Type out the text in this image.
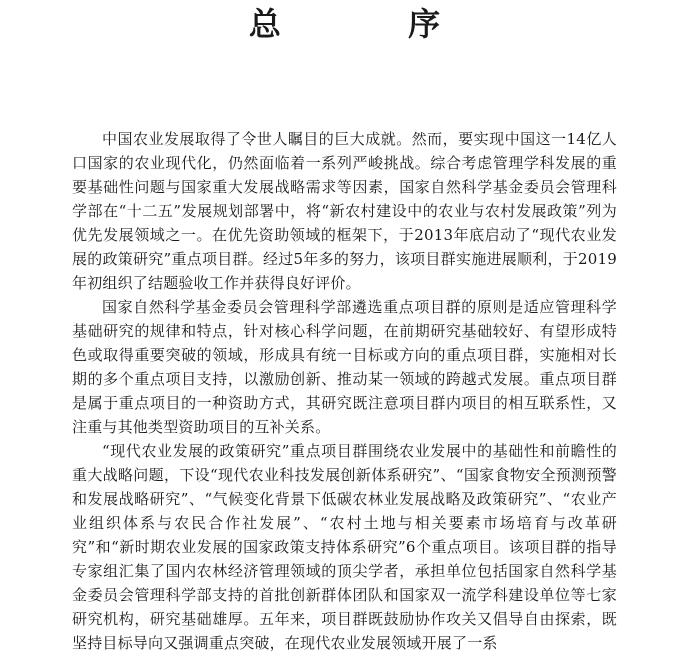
总 序

中国农业发展取得了令世人瞩目的巨大成就。然而，要实现中国这一14亿人口国家的农业现代化，仍然面临着一系列严峻挑战。综合考虑管理学科发展的重要基础性问题与国家重大发展战略需求等因素，国家自然科学基金委员会管理科学部在“十二五”发展规划部署中，将“新农村建设中的农业与农村发展政策”列为优先发展领域之一。在优先资助领域的框架下，于2013年底启动了“现代农业发展的政策研究”重点项目群。经过5年多的努力，该项目群实施进展顺利，于2019年初组织了结题验收工作并获得良好评价。

国家自然科学基金委员会管理科学部遴选重点项目群的原则是适应管理科学基础研究的规律和特点，针对核心科学问题，在前期研究基础较好、有望形成特色或取得重要突破的领域，形成具有统一目标或方向的重点项目群，实施相对长期的多个重点项目支持，以激励创新、推动某一领域的跨越式发展。重点项目群是属于重点项目的一种资助方式，其研究既注意项目群内项目的相互联系性，又注重与其他类型资助项目的互补关系。

“现代农业发展的政策研究”重点项目群围绕农业发展中的基础性和前瞻性的重大战略问题，下设“现代农业科技发展创新体系研究”、“国家食物安全预测预警和发展战略研究”、“气候变化背景下低碳农林业发展战略及政策研究”、“农业产业组织体系与农民合作社发展”、“农村土地与相关要素市场培育与改革研究”和“新时期农业发展的国家政策支持体系研究”6个重点项目。该项目群的指导专家组汇集了国内农林经济管理领域的顶尖学者，承担单位包括国家自然科学基金委员会管理科学部支持的首批创新群体团队和国家双一流学科建设单位等七家研究机构，研究基础雄厚。五年来，项目群既鼓励协作攻关又倡导自由探索，既坚持目标导向又强调重点突破，在现代农业发展领域开展了一系
